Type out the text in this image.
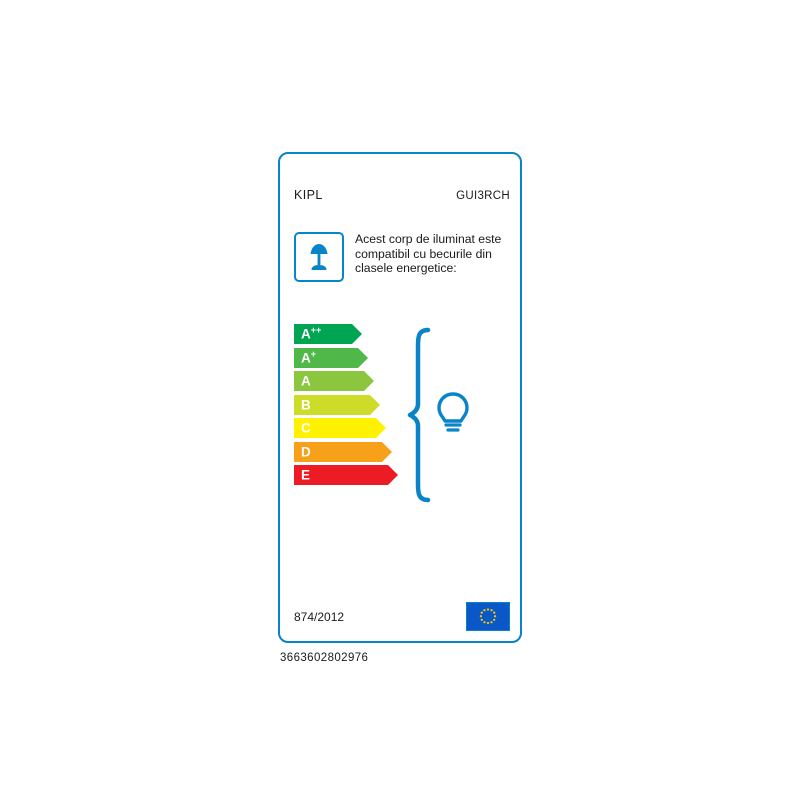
KIPL	GUI3RCH
Acest corp de iluminat este compatibil cu becurile din clasele energetice:
A++
A+
A
B
C
D
E
874/2012
3663602802976
